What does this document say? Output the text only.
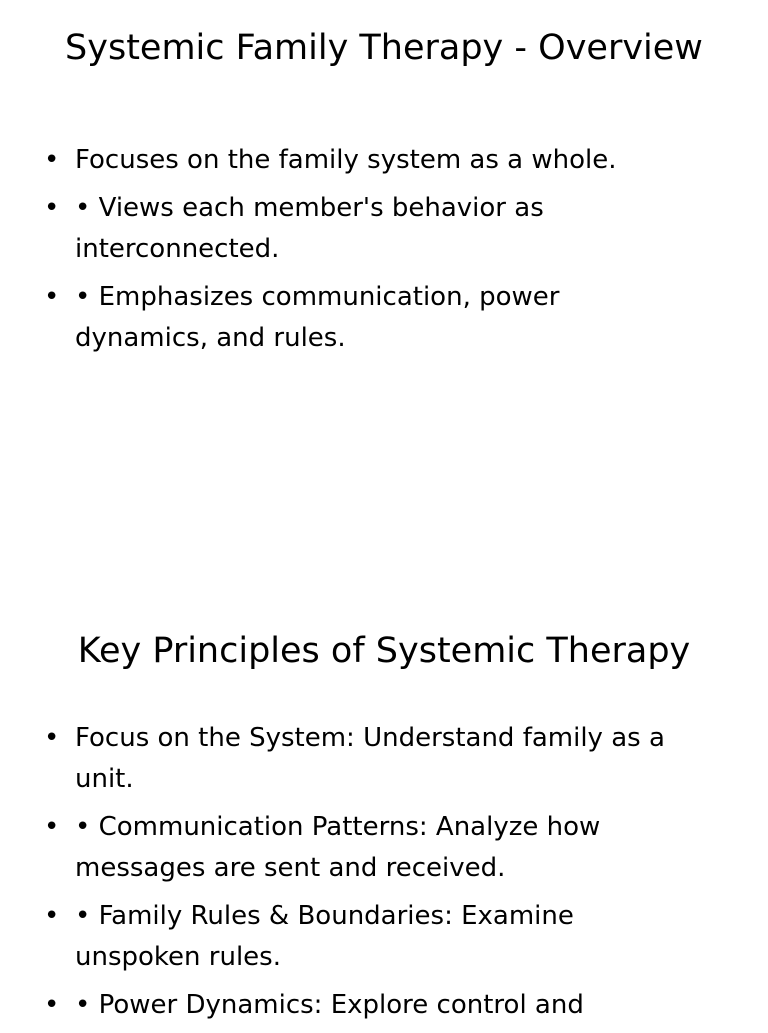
Systemic Family Therapy - Overview
• Focuses on the family system as a whole.
• • Views each member's behavior as interconnected.
• • Emphasizes communication, power dynamics, and rules.
Key Principles of Systemic Therapy
• Focus on the System: Understand family as a unit.
• • Communication Patterns: Analyze how messages are sent and received.
• • Family Rules & Boundaries: Examine unspoken rules.
• • Power Dynamics: Explore control and
